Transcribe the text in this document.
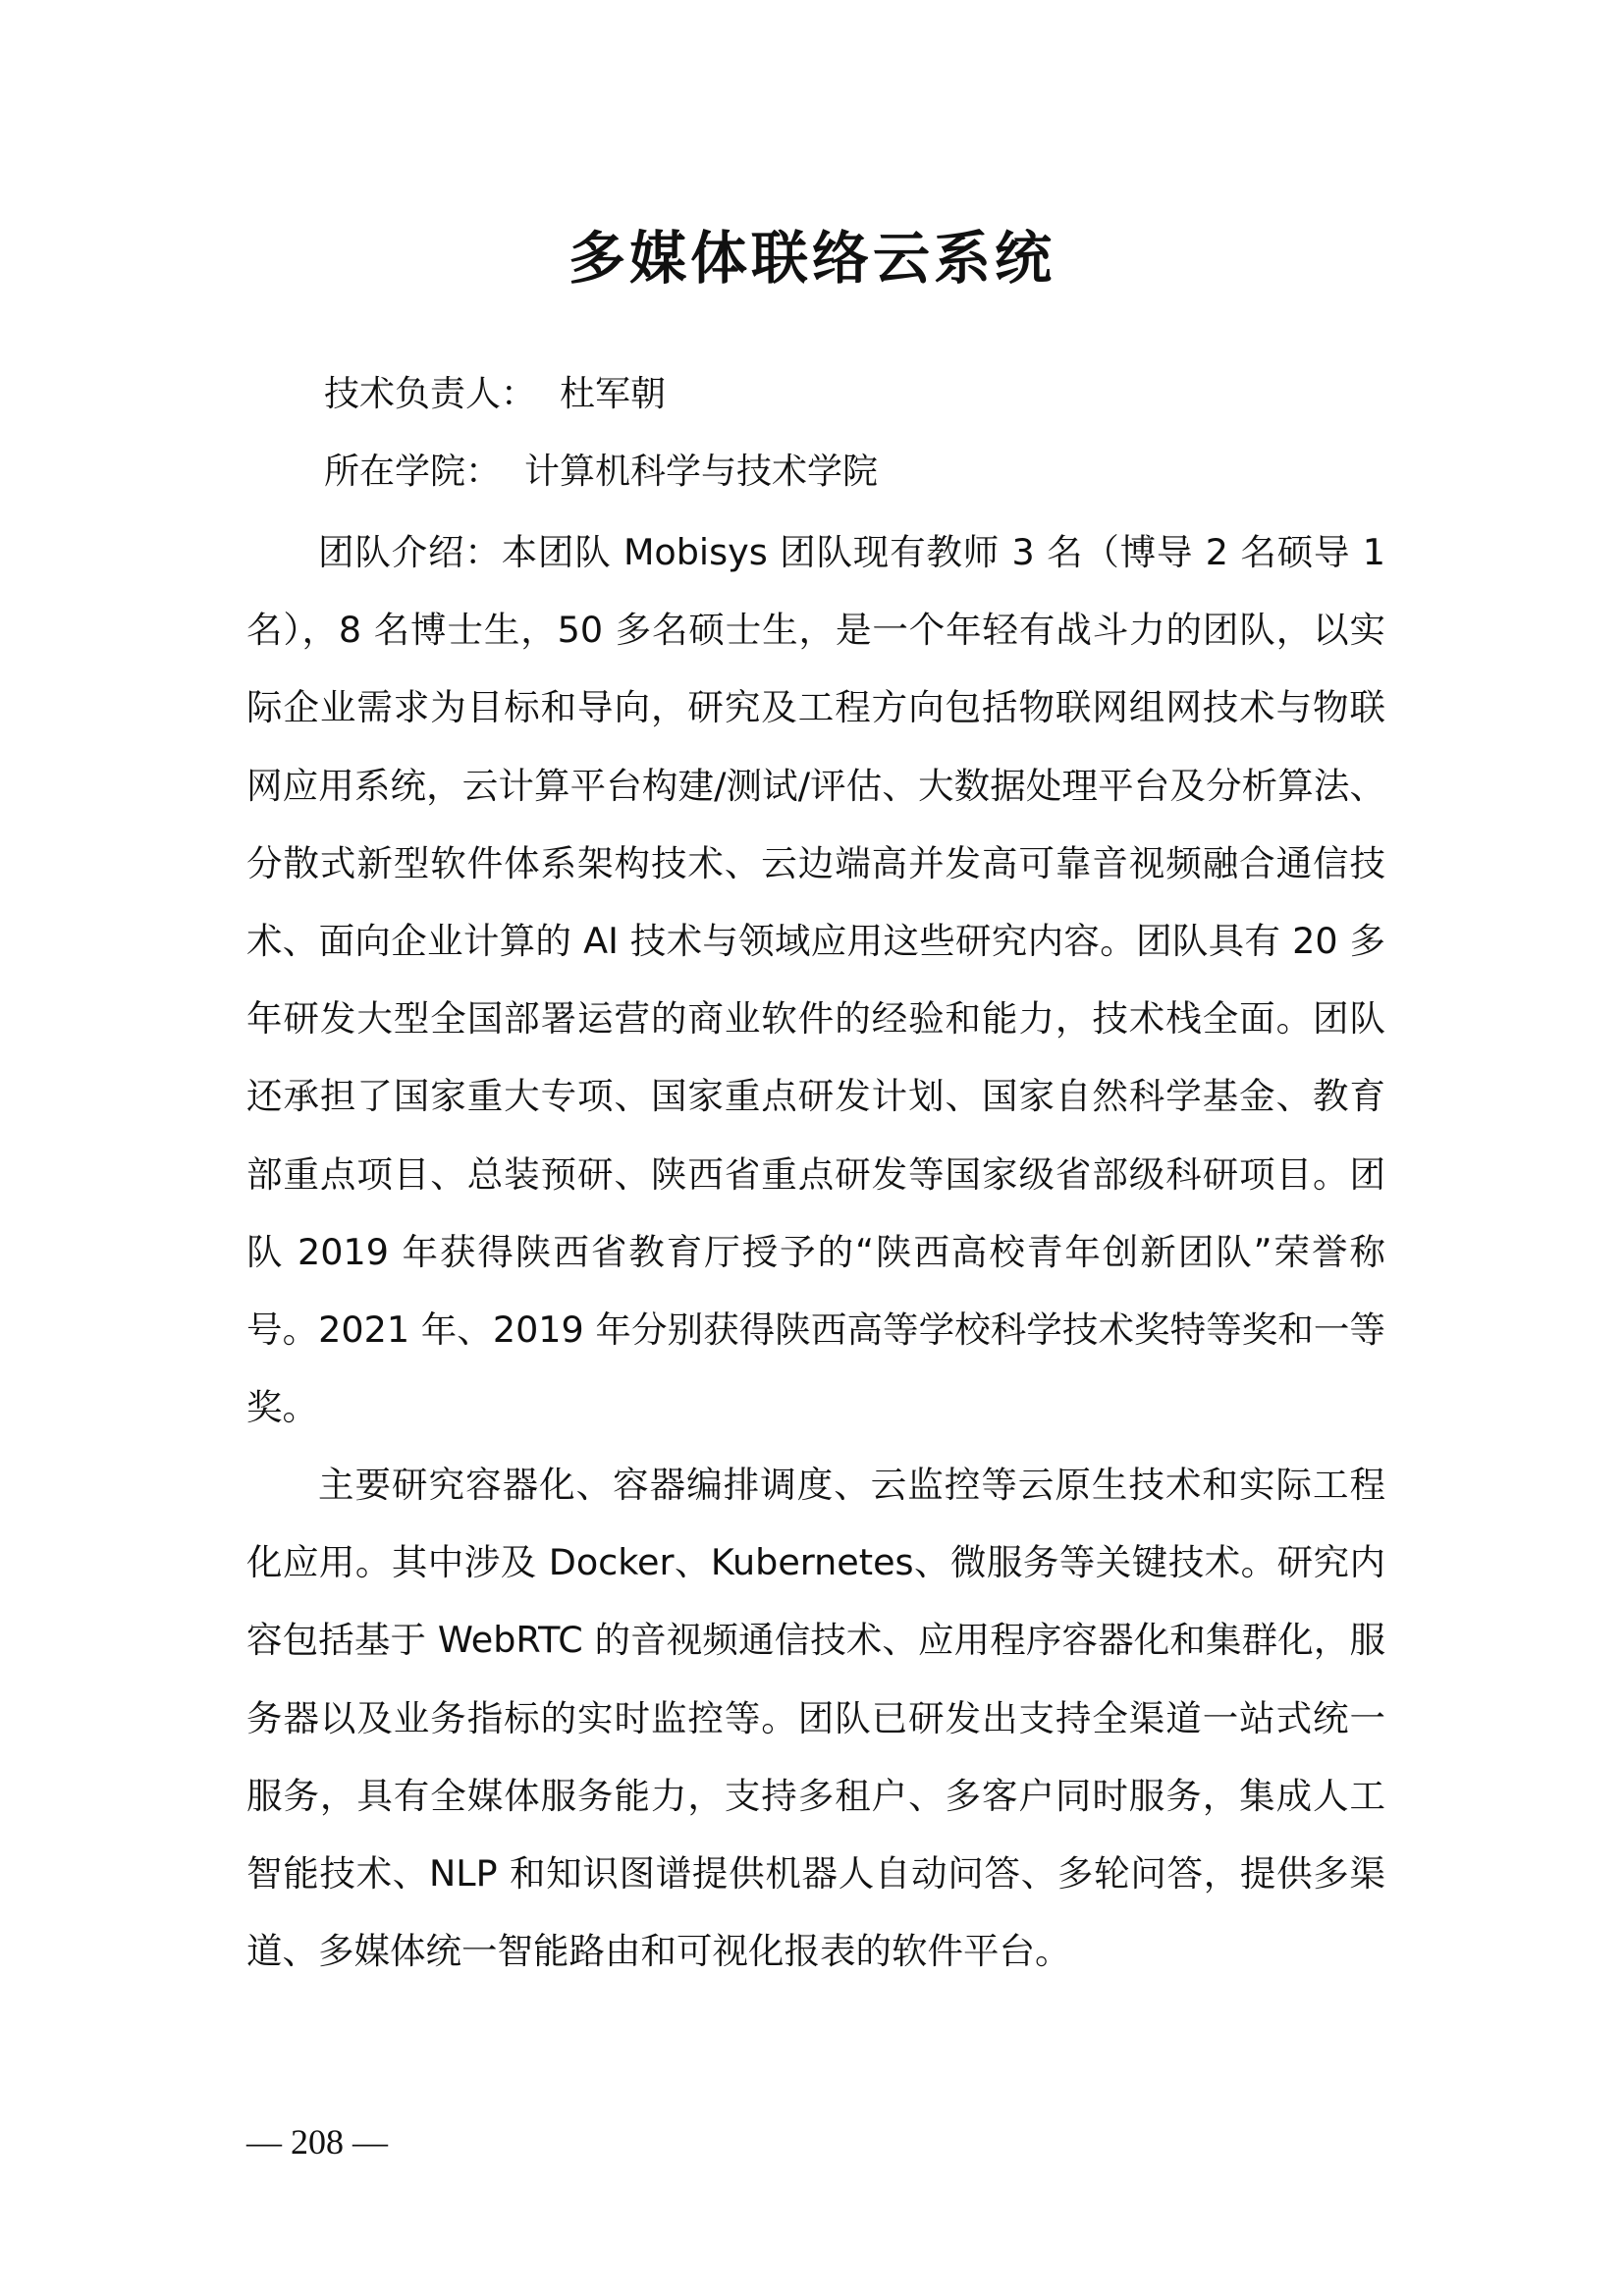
多媒体联络云系统
技术负责人： 杜军朝
所在学院： 计算机科学与技术学院

团队介绍：本团队 Mobisys 团队现有教师 3 名（博导 2 名硕导 1 名），8 名博士生，50 多名硕士生，是一个年轻有战斗力的团队，以实际企业需求为目标和导向，研究及工程方向包括物联网组网技术与物联网应用系统，云计算平台构建/测试/评估、大数据处理平台及分析算法、分散式新型软件体系架构技术、云边端高并发高可靠音视频融合通信技术、面向企业计算的 AI 技术与领域应用这些研究内容。团队具有 20 多年研发大型全国部署运营的商业软件的经验和能力，技术栈全面。团队还承担了国家重大专项、国家重点研发计划、国家自然科学基金、教育部重点项目、总装预研、陕西省重点研发等国家级省部级科研项目。团队 2019 年获得陕西省教育厅授予的“陕西高校青年创新团队”荣誉称号。2021 年、2019 年分别获得陕西高等学校科学技术奖特等奖和一等奖。

主要研究容器化、容器编排调度、云监控等云原生技术和实际工程化应用。其中涉及 Docker、Kubernetes、微服务等关键技术。研究内容包括基于 WebRTC 的音视频通信技术、应用程序容器化和集群化，服务器以及业务指标的实时监控等。团队已研发出支持全渠道一站式统一服务，具有全媒体服务能力，支持多租户、多客户同时服务，集成人工智能技术、NLP 和知识图谱提供机器人自动问答、多轮问答，提供多渠道、多媒体统一智能路由和可视化报表的软件平台。

— 208 —
